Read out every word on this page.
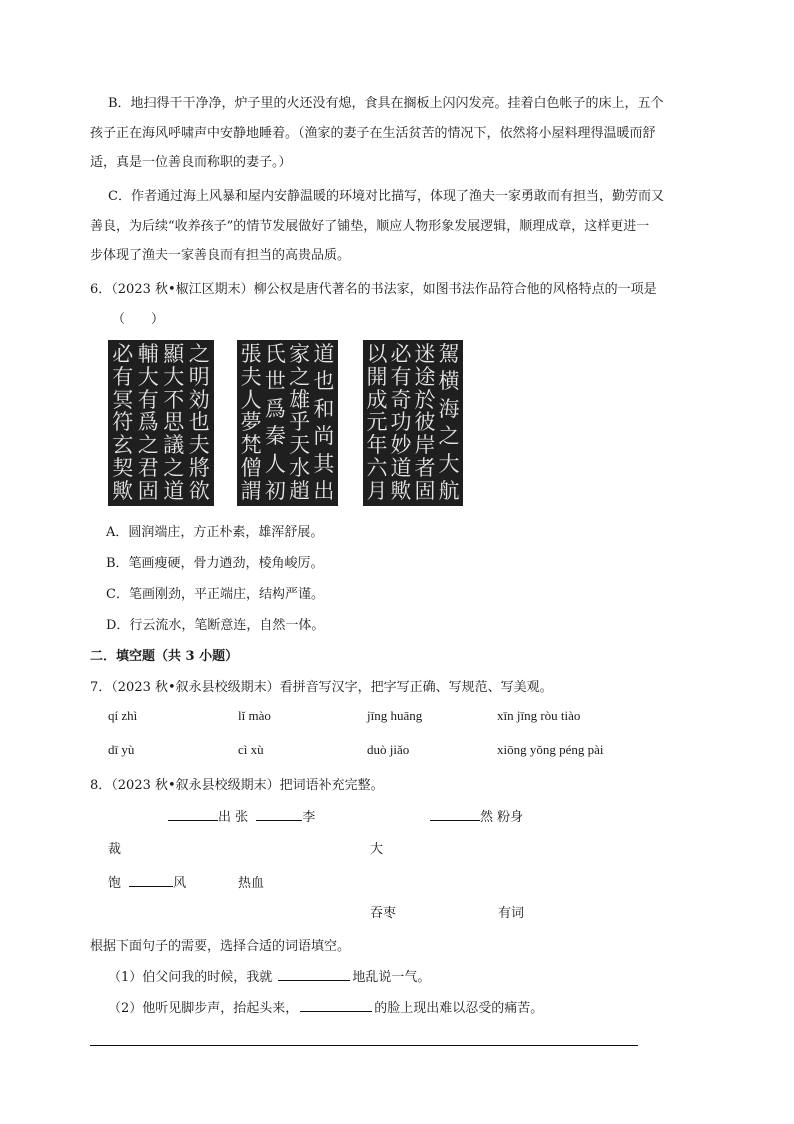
B．地扫得干干净净，炉子里的火还没有熄，食具在搁板上闪闪发亮。挂着白色帐子的床上，五个
孩子正在海风呼啸声中安静地睡着。（渔家的妻子在生活贫苦的情况下，依然将小屋料理得温暖而舒
适，真是一位善良而称职的妻子。）
C．作者通过海上风暴和屋内安静温暖的环境对比描写，体现了渔夫一家勇敢而有担当，勤劳而又
善良，为后续“收养孩子”的情节发展做好了铺垫，顺应人物形象发展逻辑，顺理成章，这样更进一
步体现了渔夫一家善良而有担当的高贵品质。
6．（2023 秋•椒江区期末）柳公权是唐代著名的书法家，如图书法作品符合他的风格特点的一项是
（　　）
之
明
効
也
夫
將
欲
顯
大
不
思
議
之
道
輔
大
有
爲
之
君
固
必
有
冥
符
玄
契
歟
道
也
和
尚
其
出
家
之
雄
乎
天
水
趙
氏
世
爲
秦
人
初
張
夫
人
夢
梵
僧
謂
駕
横
海
之
大
航
迷
途
於
彼
岸
者
固
必
有
奇
功
妙
道
歟
以
開
成
元
年
六
月
A．圆润端庄，方正朴素，雄浑舒展。
B．笔画瘦硬，骨力遒劲，棱角峻厉。
C．笔画刚劲，平正端庄，结构严谨。
D．行云流水，笔断意连，自然一体。
二．填空题（共 3 小题）
7．（2023 秋•叙永县校级期末）看拼音写汉字，把字写正确、写规范、写美观。
qí zhì	lǐ mào	jīng huāng	xīn jīng ròu tiào
dī yù	cì xù	duò jiǎo	xiōng yǒng péng pài
8．（2023 秋•叙永县校级期末）把词语补充完整。
出 张	李	然 粉身
裁	大
饱	风	热血
吞枣	有词
根据下面句子的需要，选择合适的词语填空。
（1）伯父问我的时候，我就	地乱说一气。
（2）他听见脚步声，抬起头来，	的脸上现出难以忍受的痛苦。
